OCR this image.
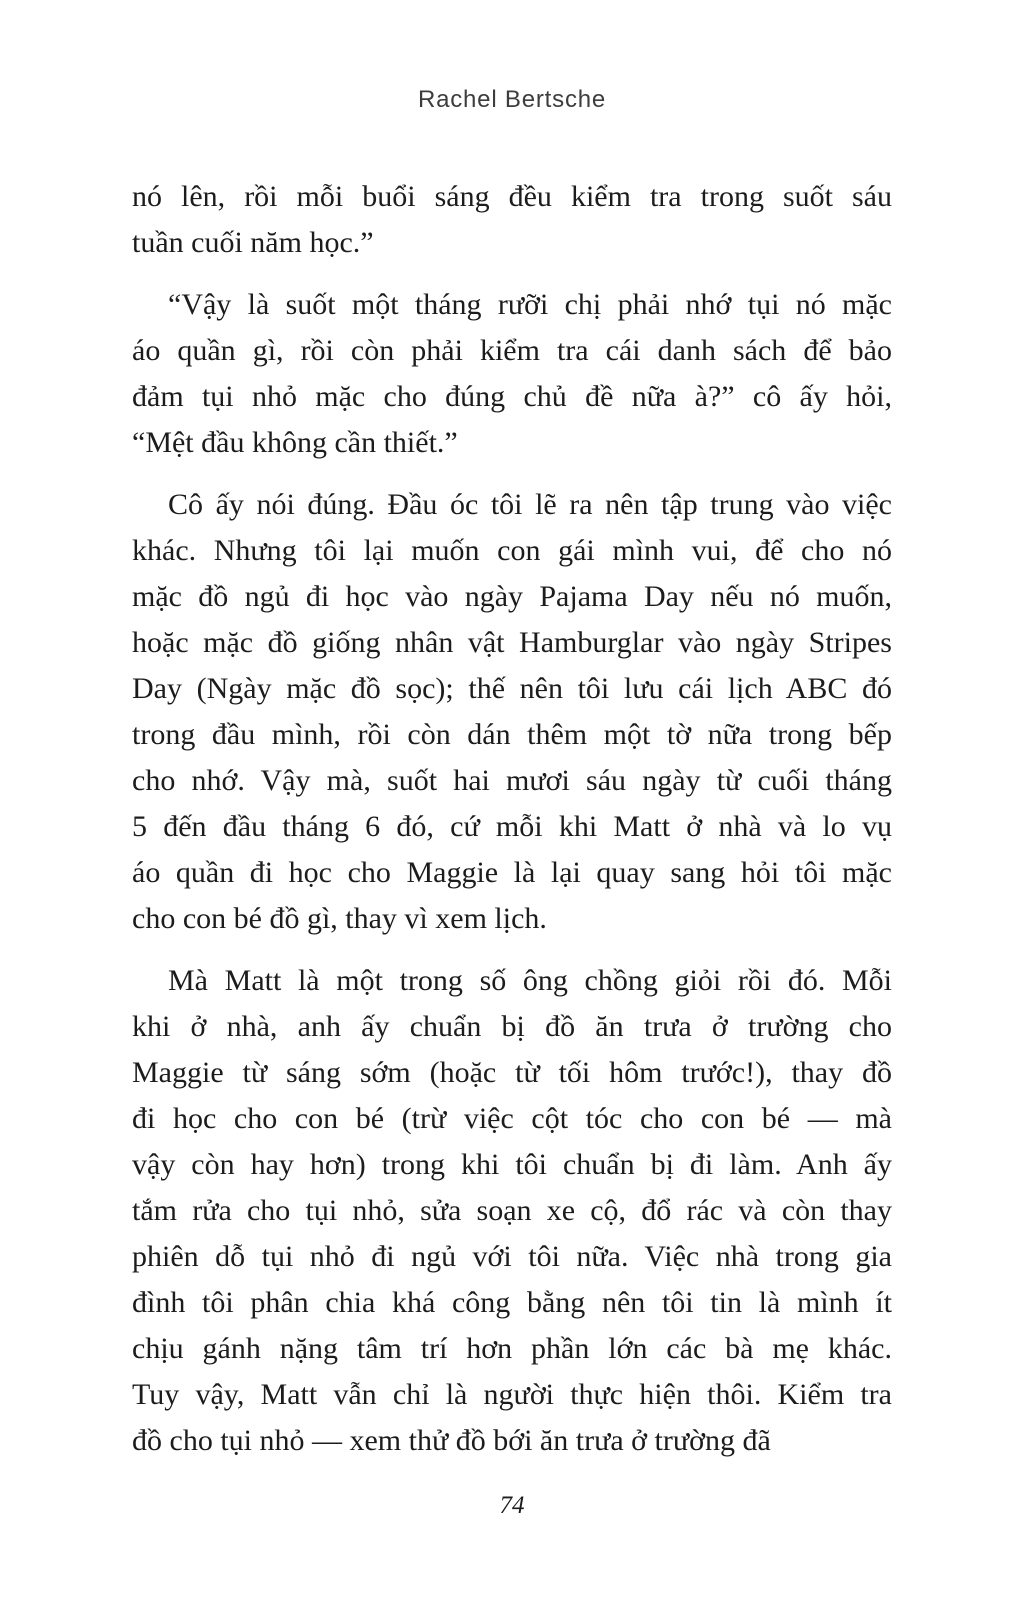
Rachel Bertsche

nó lên, rồi mỗi buổi sáng đều kiểm tra trong suốt sáu
tuần cuối năm học.”

“Vậy là suốt một tháng rưỡi chị phải nhớ tụi nó mặc
áo quần gì, rồi còn phải kiểm tra cái danh sách để bảo
đảm tụi nhỏ mặc cho đúng chủ đề nữa à?” cô ấy hỏi,
“Mệt đầu không cần thiết.”

Cô ấy nói đúng. Đầu óc tôi lẽ ra nên tập trung vào việc
khác. Nhưng tôi lại muốn con gái mình vui, để cho nó
mặc đồ ngủ đi học vào ngày Pajama Day nếu nó muốn,
hoặc mặc đồ giống nhân vật Hamburglar vào ngày Stripes
Day (Ngày mặc đồ sọc); thế nên tôi lưu cái lịch ABC đó
trong đầu mình, rồi còn dán thêm một tờ nữa trong bếp
cho nhớ. Vậy mà, suốt hai mươi sáu ngày từ cuối tháng
5 đến đầu tháng 6 đó, cứ mỗi khi Matt ở nhà và lo vụ
áo quần đi học cho Maggie là lại quay sang hỏi tôi mặc
cho con bé đồ gì, thay vì xem lịch.

Mà Matt là một trong số ông chồng giỏi rồi đó. Mỗi
khi ở nhà, anh ấy chuẩn bị đồ ăn trưa ở trường cho
Maggie từ sáng sớm (hoặc từ tối hôm trước!), thay đồ
đi học cho con bé (trừ việc cột tóc cho con bé — mà
vậy còn hay hơn) trong khi tôi chuẩn bị đi làm. Anh ấy
tắm rửa cho tụi nhỏ, sửa soạn xe cộ, đổ rác và còn thay
phiên dỗ tụi nhỏ đi ngủ với tôi nữa. Việc nhà trong gia
đình tôi phân chia khá công bằng nên tôi tin là mình ít
chịu gánh nặng tâm trí hơn phần lớn các bà mẹ khác.
Tuy vậy, Matt vẫn chỉ là người thực hiện thôi. Kiểm tra
đồ cho tụi nhỏ — xem thử đồ bới ăn trưa ở trường đã

74
